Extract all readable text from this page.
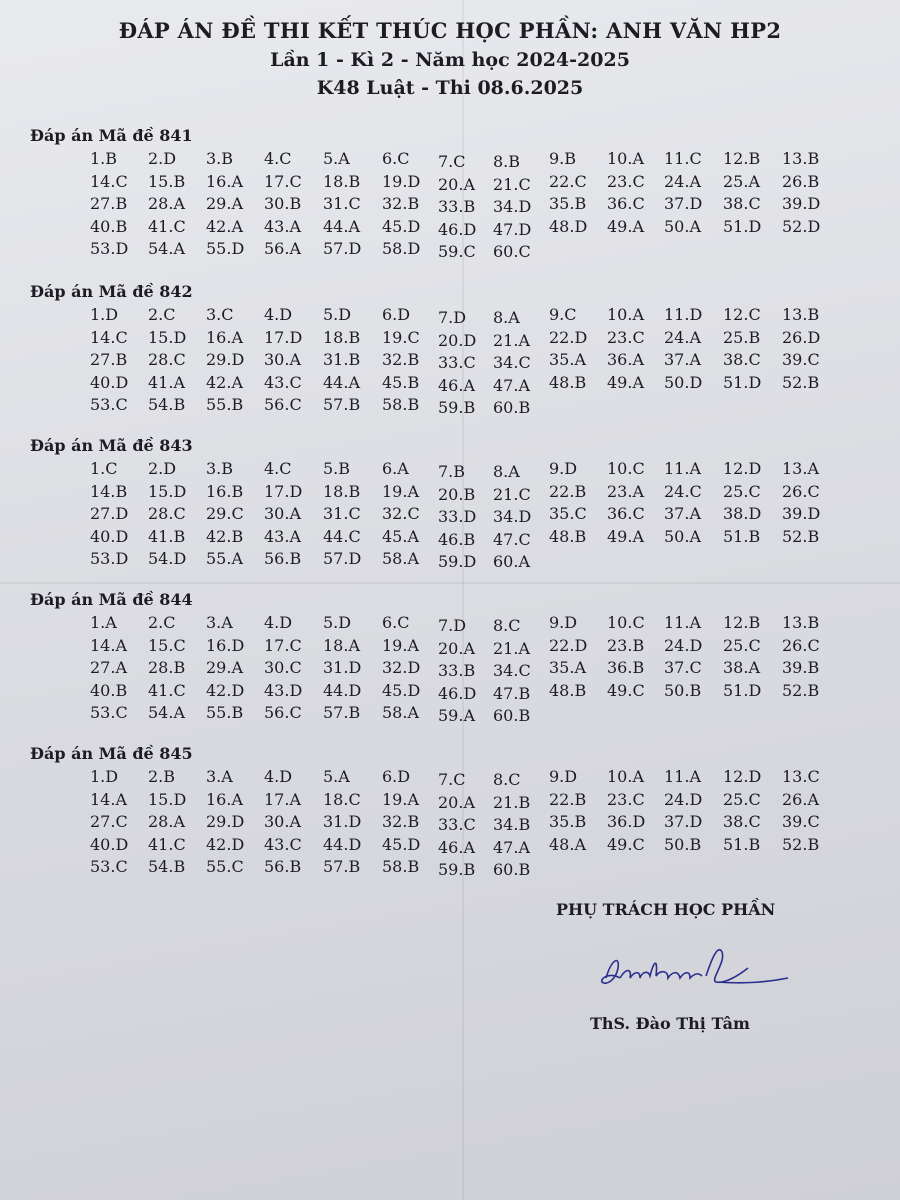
ĐÁP ÁN ĐỀ THI KẾT THÚC HỌC PHẦN: ANH VĂN HP2
Lần 1 - Kì 2 - Năm học 2024-2025
K48 Luật - Thi 08.6.2025
Đáp án Mã đề 841
1.B 2.D 3.B 4.C 5.A 6.C 7.C 8.B 9.B 10.A 11.C 12.B 13.B
14.C 15.B 16.A 17.C 18.B 19.D 20.A 21.C 22.C 23.C 24.A 25.A 26.B
27.B 28.A 29.A 30.B 31.C 32.B 33.B 34.D 35.B 36.C 37.D 38.C 39.D
40.B 41.C 42.A 43.A 44.A 45.D 46.D 47.D 48.D 49.A 50.A 51.D 52.D
53.D 54.A 55.D 56.A 57.D 58.D 59.C 60.C
Đáp án Mã đề 842
1.D 2.C 3.C 4.D 5.D 6.D 7.D 8.A 9.C 10.A 11.D 12.C 13.B
14.C 15.D 16.A 17.D 18.B 19.C 20.D 21.A 22.D 23.C 24.A 25.B 26.D
27.B 28.C 29.D 30.A 31.B 32.B 33.C 34.C 35.A 36.A 37.A 38.C 39.C
40.D 41.A 42.A 43.C 44.A 45.B 46.A 47.A 48.B 49.A 50.D 51.D 52.B
53.C 54.B 55.B 56.C 57.B 58.B 59.B 60.B
Đáp án Mã đề 843
1.C 2.D 3.B 4.C 5.B 6.A 7.B 8.A 9.D 10.C 11.A 12.D 13.A
14.B 15.D 16.B 17.D 18.B 19.A 20.B 21.C 22.B 23.A 24.C 25.C 26.C
27.D 28.C 29.C 30.A 31.C 32.C 33.D 34.D 35.C 36.C 37.A 38.D 39.D
40.D 41.B 42.B 43.A 44.C 45.A 46.B 47.C 48.B 49.A 50.A 51.B 52.B
53.D 54.D 55.A 56.B 57.D 58.A 59.D 60.A
Đáp án Mã đề 844
1.A 2.C 3.A 4.D 5.D 6.C 7.D 8.C 9.D 10.C 11.A 12.B 13.B
14.A 15.C 16.D 17.C 18.A 19.A 20.A 21.A 22.D 23.B 24.D 25.C 26.C
27.A 28.B 29.A 30.C 31.D 32.D 33.B 34.C 35.A 36.B 37.C 38.A 39.B
40.B 41.C 42.D 43.D 44.D 45.D 46.D 47.B 48.B 49.C 50.B 51.D 52.B
53.C 54.A 55.B 56.C 57.B 58.A 59.A 60.B
Đáp án Mã đề 845
1.D 2.B 3.A 4.D 5.A 6.D 7.C 8.C 9.D 10.A 11.A 12.D 13.C
14.A 15.D 16.A 17.A 18.C 19.A 20.A 21.B 22.B 23.C 24.D 25.C 26.A
27.C 28.A 29.D 30.A 31.D 32.B 33.C 34.B 35.B 36.D 37.D 38.C 39.C
40.D 41.C 42.D 43.C 44.D 45.D 46.A 47.A 48.A 49.C 50.B 51.B 52.B
53.C 54.B 55.C 56.B 57.B 58.B 59.B 60.B
PHỤ TRÁCH HỌC PHẦN
ThS. Đào Thị Tâm
